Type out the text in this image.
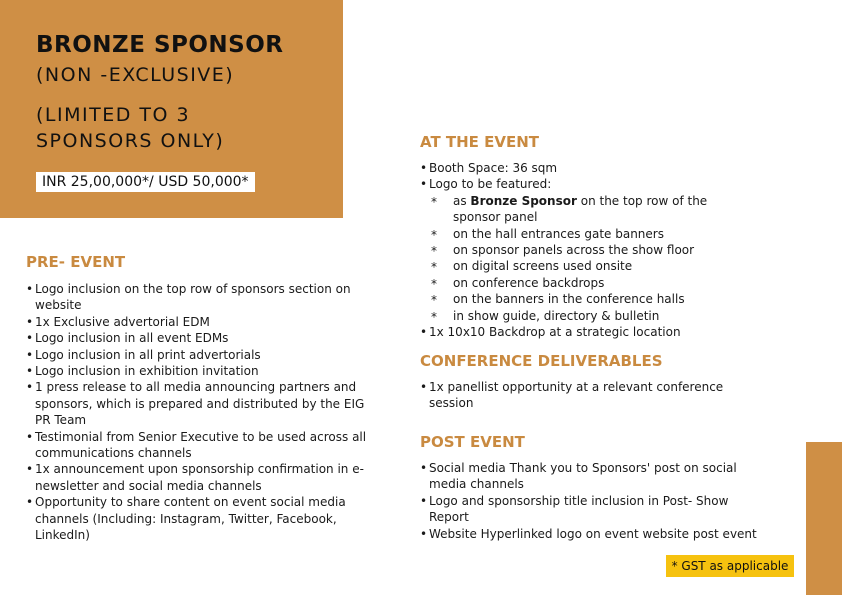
BRONZE SPONSOR

(NON -EXCLUSIVE)

(LIMITED TO 3
SPONSORS ONLY)

INR 25,00,000*/ USD 50,000*
PRE- EVENT
• Logo inclusion on the top row of sponsors section on website
• 1x Exclusive advertorial EDM
• Logo inclusion in all event EDMs
• Logo inclusion in all print advertorials
• Logo inclusion in exhibition invitation
• 1 press release to all media announcing partners and sponsors, which is prepared and distributed by the EIG PR Team
• Testimonial from Senior Executive to be used across all communications channels
• 1x announcement upon sponsorship confirmation in e-newsletter and social media channels
• Opportunity to share content on event social media channels (Including: Instagram, Twitter, Facebook, LinkedIn)
AT THE EVENT
• Booth Space: 36 sqm
• Logo to be featured:
* as Bronze Sponsor on the top row of the sponsor panel
* on the hall entrances gate banners
* on sponsor panels across the show floor
* on digital screens used onsite
* on conference backdrops
* on the banners in the conference halls
* in show guide, directory & bulletin
• 1x 10x10 Backdrop at a strategic location
CONFERENCE DELIVERABLES
• 1x panellist opportunity at a relevant conference session
POST EVENT
• Social media Thank you to Sponsors' post on social media channels
• Logo and sponsorship title inclusion in Post- Show Report
• Website Hyperlinked logo on event website post event
* GST as applicable
